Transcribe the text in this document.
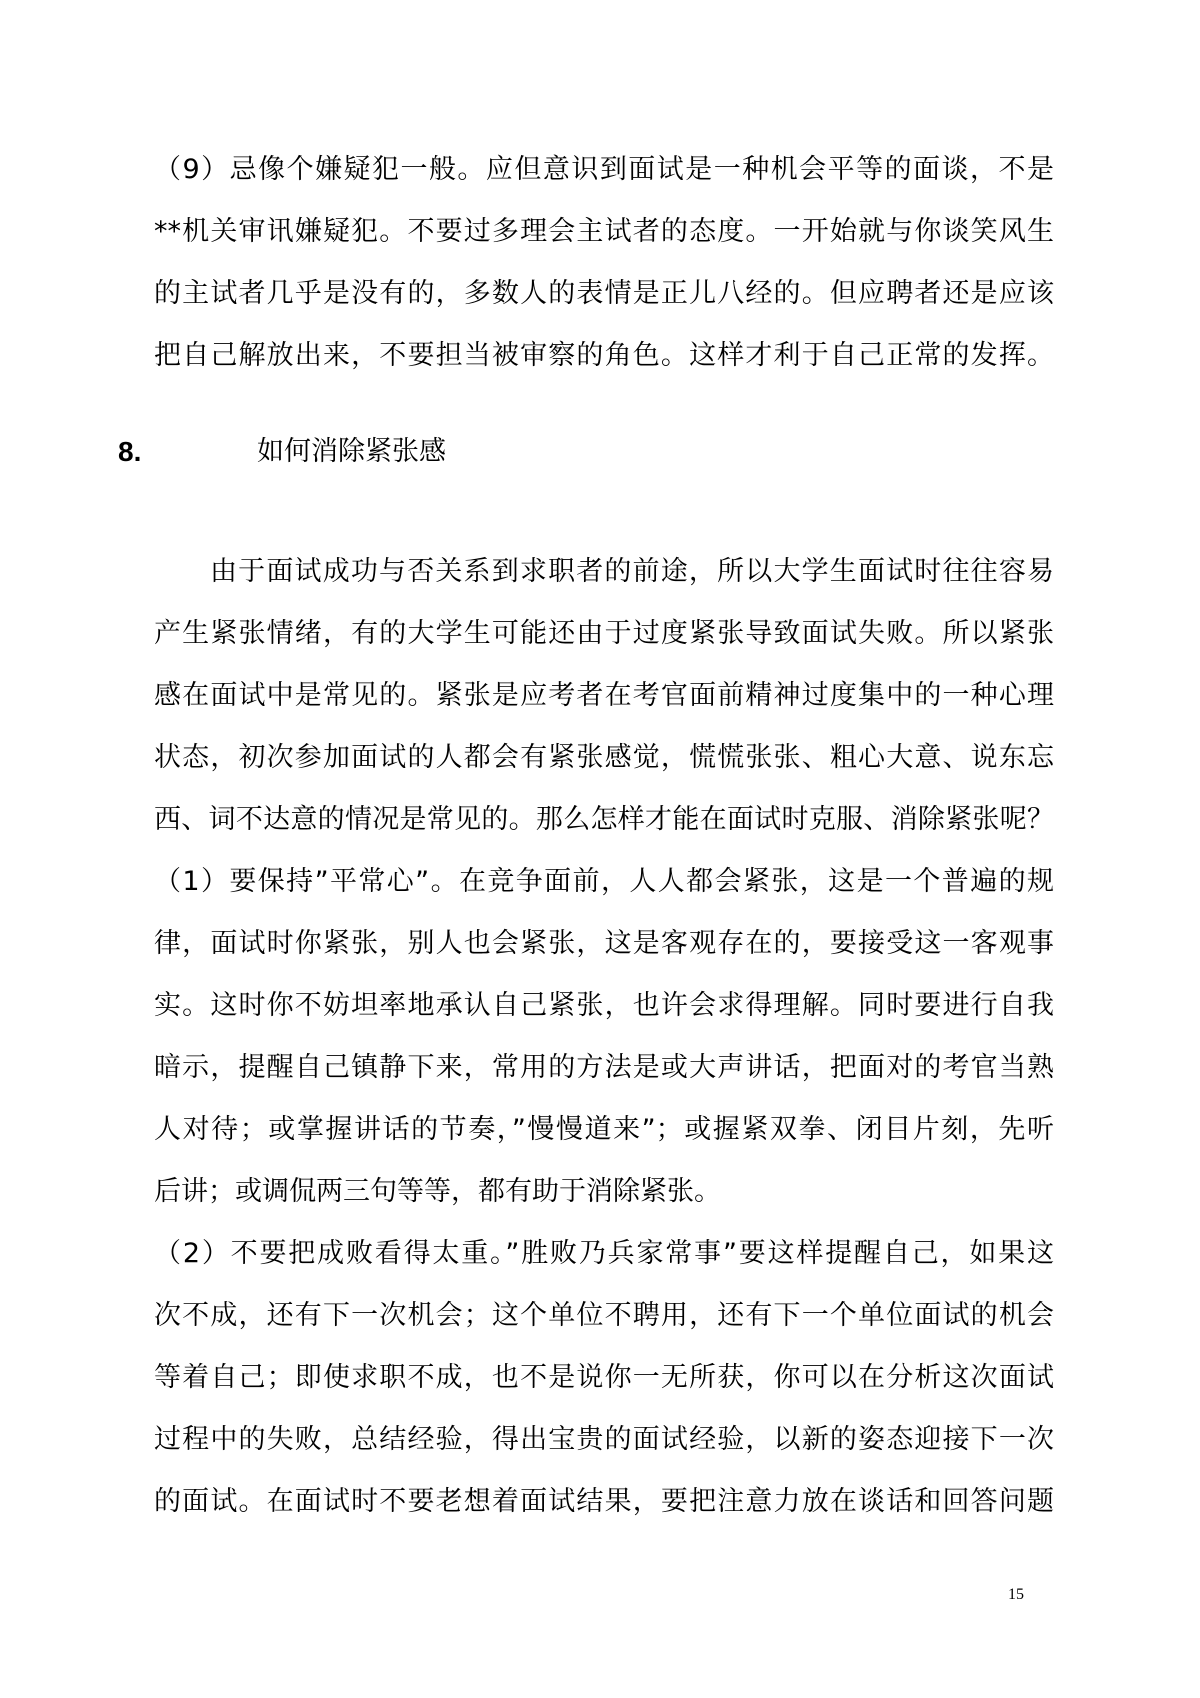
（9）忌像个嫌疑犯一般。应但意识到面试是一种机会平等的面谈，不是
**机关审讯嫌疑犯。不要过多理会主试者的态度。一开始就与你谈笑风生
的主试者几乎是没有的，多数人的表情是正儿八经的。但应聘者还是应该
把自己解放出来，不要担当被审察的角色。这样才利于自己正常的发挥。
8.	如何消除紧张感
由于面试成功与否关系到求职者的前途，所以大学生面试时往往容易
产生紧张情绪，有的大学生可能还由于过度紧张导致面试失败。所以紧张
感在面试中是常见的。紧张是应考者在考官面前精神过度集中的一种心理
状态，初次参加面试的人都会有紧张感觉，慌慌张张、粗心大意、说东忘
西、词不达意的情况是常见的。那么怎样才能在面试时克服、消除紧张呢？
（1）要保持”平常心”。在竞争面前，人人都会紧张，这是一个普遍的规
律，面试时你紧张，别人也会紧张，这是客观存在的，要接受这一客观事
实。这时你不妨坦率地承认自己紧张，也许会求得理解。同时要进行自我
暗示，提醒自己镇静下来，常用的方法是或大声讲话，把面对的考官当熟
人对待；或掌握讲话的节奏，”慢慢道来”；或握紧双拳、闭目片刻，先听
后讲；或调侃两三句等等，都有助于消除紧张。
（2）不要把成败看得太重。”胜败乃兵家常事”要这样提醒自己，如果这
次不成，还有下一次机会；这个单位不聘用，还有下一个单位面试的机会
等着自己；即使求职不成，也不是说你一无所获，你可以在分析这次面试
过程中的失败，总结经验，得出宝贵的面试经验，以新的姿态迎接下一次
的面试。在面试时不要老想着面试结果，要把注意力放在谈话和回答问题
15
